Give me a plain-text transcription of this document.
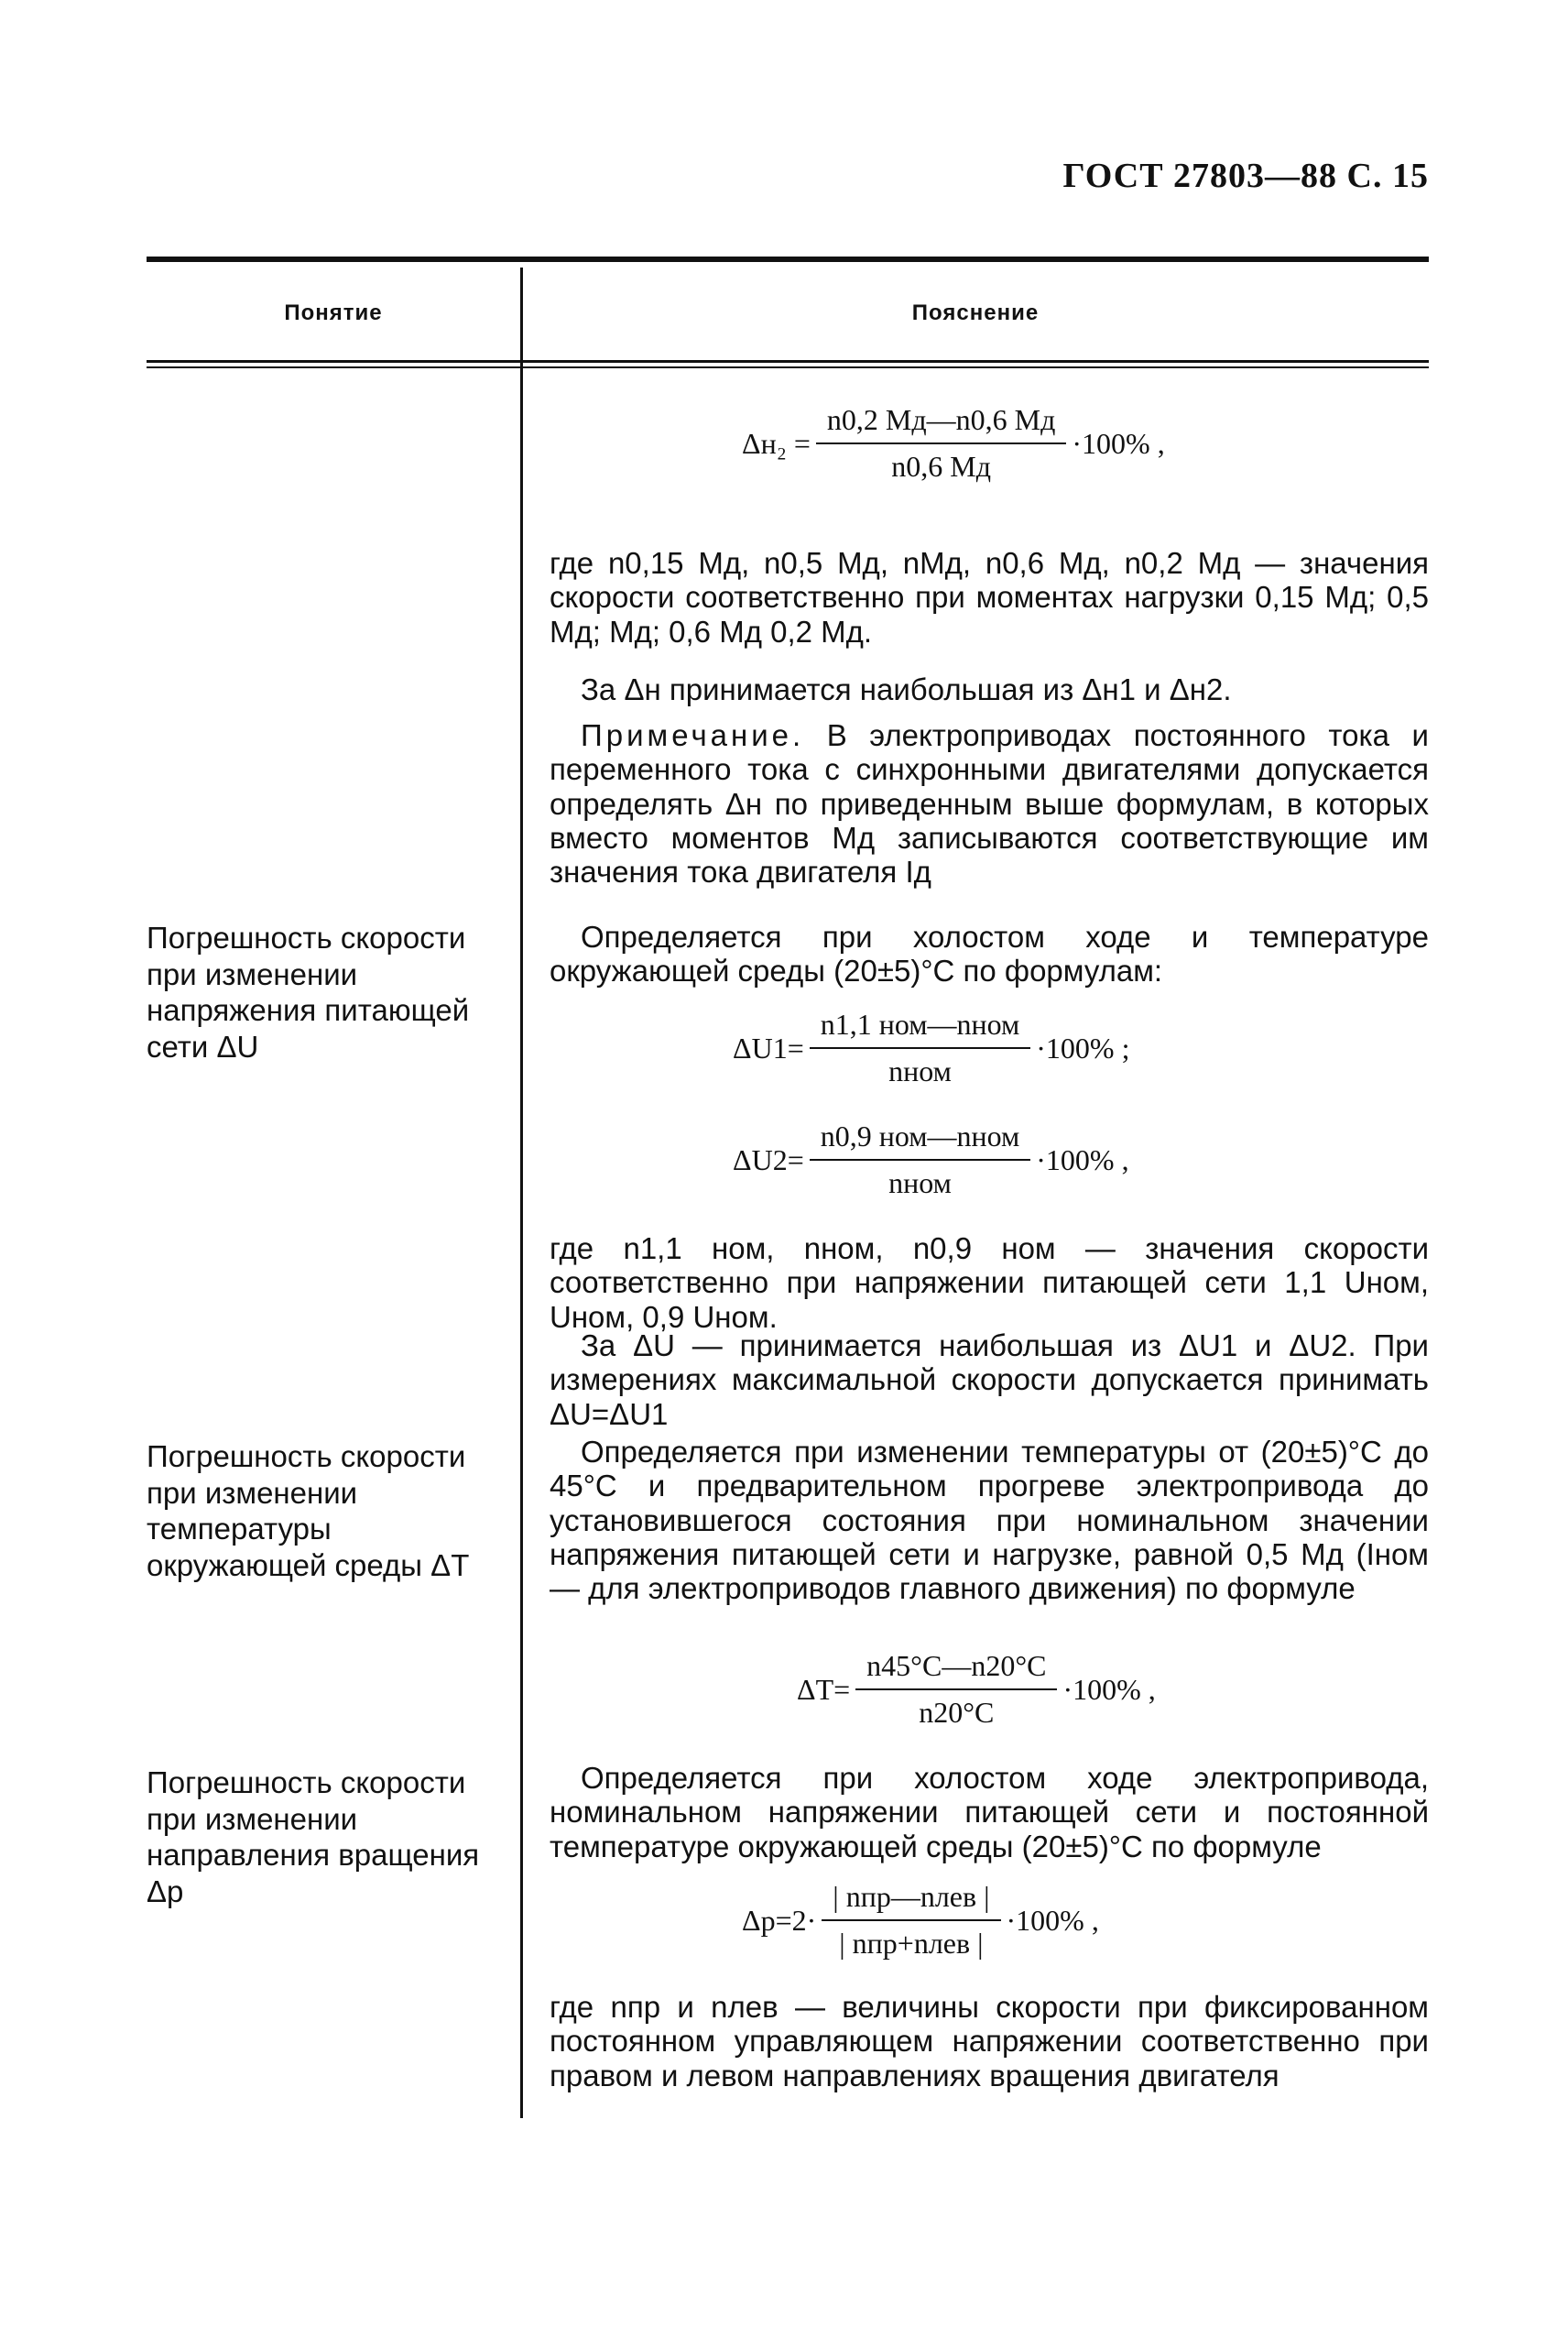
ГОСТ 27803—88 С. 15
Понятие	Пояснение
$\Delta н_2 = \frac{n0,2 Mд—n0,6 Mд}{n0,6 Mд} \cdot 100\%$ ,
где n0,15 Mд, n0,5 Mд, nMд, n0,6 Mд, n0,2 Mд — значения скорости соответственно при моментах нагрузки 0,15 Mд; 0,5 Mд; Mд; 0,6 Mд 0,2 Mд.
За Δн принимается наибольшая из Δн1 и Δн2.
Примечание. В электроприводах постоянного тока и переменного тока с синхронными двигателями допускается определять Δн по приведенным выше формулам, в которых вместо моментов Mд записываются соответствующие им значения тока двигателя Iд
Погрешность скорости при изменении напряжения питающей сети ΔU
Определяется при холостом ходе и температуре окружающей среды (20±5)°С по формулам:
$\Delta U1= \frac{\text{n1,1 ном—nном}}{\text{nном}} \cdot 100\%$ ;
$\Delta U2= \frac{\text{n0,9 ном—nном}}{\text{nном}} \cdot 100\%$ ,
где n1,1 ном, nном, n0,9 ном — значения скорости соответственно при напряжении питающей сети 1,1 Uном, Uном, 0,9 Uном.
За ΔU — принимается наибольшая из ΔU1 и ΔU2. При измерениях максимальной скорости допускается принимать ΔU=ΔU1
Погрешность скорости при изменении температуры окружающей среды ΔT
Определяется при изменении температуры от (20±5)°С до 45°С и предварительном прогреве электропривода до установившегося состояния при номинальном значении напряжения питающей сети и нагрузке, равной 0,5 Mд (Iном — для электроприводов главного движения) по формуле
$\Delta T= \frac{n45^\circ C—n20^\circ C}{n20^\circ C} \cdot 100\%$ ,
Погрешность скорости при изменении направления вращения Δp
Определяется при холостом ходе электропривода, номинальном напряжении питающей сети и постоянной температуре окружающей среды (20±5)°С по формуле
$\Delta p=2\cdot \frac{\text{| nпр—nлев |}}{\text{| nпр+nлев |}} \cdot 100\%$ ,
где nпр и nлев — величины скорости при фиксированном постоянном управляющем напряжении соответственно при правом и левом направлениях вращения двигателя
